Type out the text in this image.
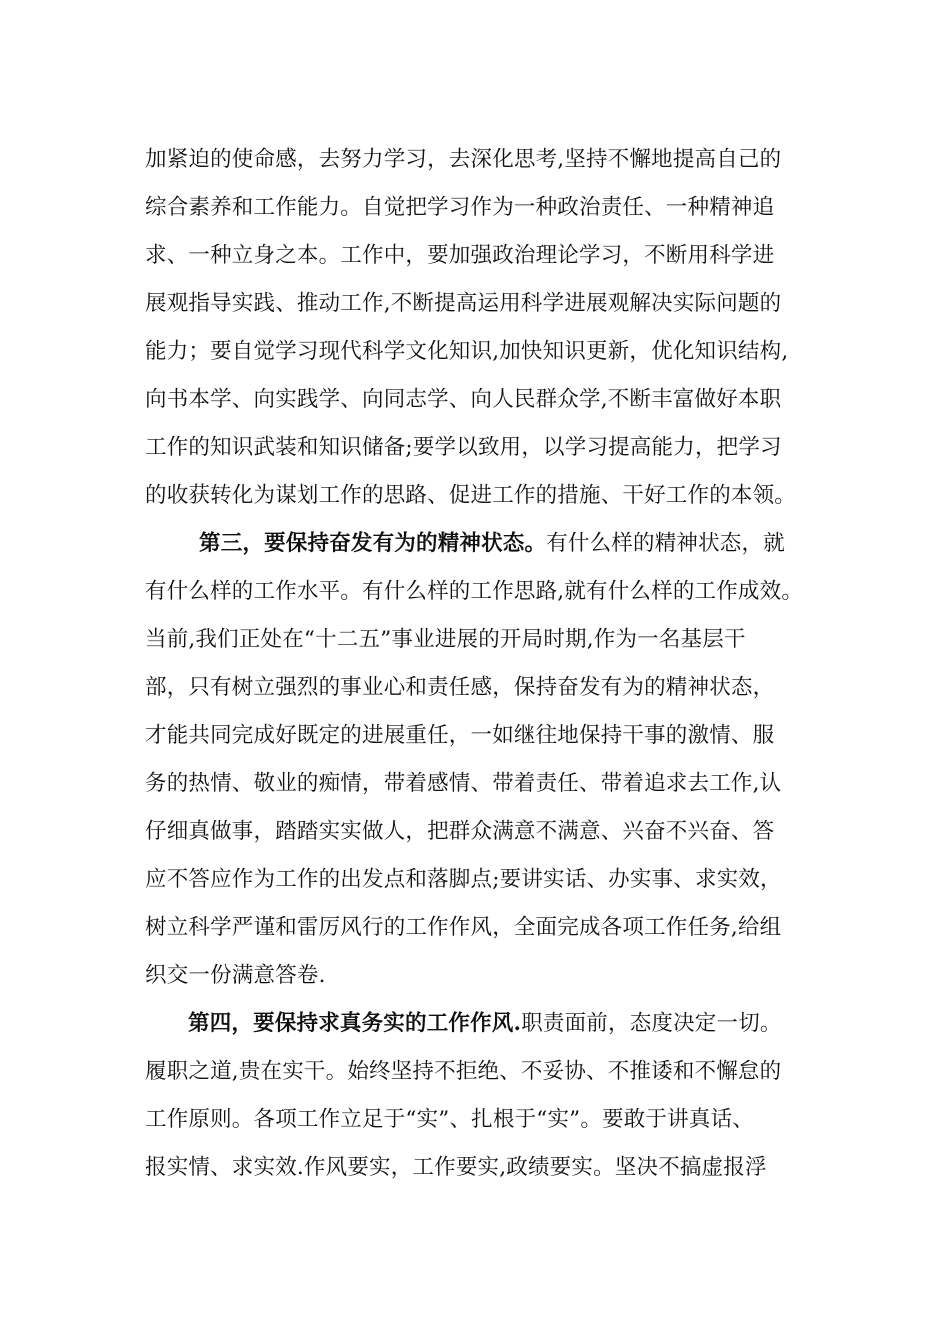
加紧迫的使命感，去努力学习，去深化思考,坚持不懈地提高自己的
综合素养和工作能力。自觉把学习作为一种政治责任、一种精神追
求、一种立身之本。工作中，要加强政治理论学习，不断用科学进
展观指导实践、推动工作,不断提高运用科学进展观解决实际问题的
能力；要自觉学习现代科学文化知识,加快知识更新，优化知识结构,
向书本学、向实践学、向同志学、向人民群众学,不断丰富做好本职
工作的知识武装和知识储备;要学以致用，以学习提高能力，把学习
的收获转化为谋划工作的思路、促进工作的措施、干好工作的本领。
第三，要保持奋发有为的精神状态。有什么样的精神状态，就
有什么样的工作水平。有什么样的工作思路,就有什么样的工作成效。
当前,我们正处在“十二五”事业进展的开局时期,作为一名基层干
部，只有树立强烈的事业心和责任感，保持奋发有为的精神状态，
才能共同完成好既定的进展重任，一如继往地保持干事的激情、服
务的热情、敬业的痴情，带着感情、带着责任、带着追求去工作,认
仔细真做事，踏踏实实做人，把群众满意不满意、兴奋不兴奋、答
应不答应作为工作的出发点和落脚点;要讲实话、办实事、求实效，
树立科学严谨和雷厉风行的工作作风，全面完成各项工作任务,给组
织交一份满意答卷.
第四，要保持求真务实的工作作风.职责面前，态度决定一切。
履职之道,贵在实干。始终坚持不拒绝、不妥协、不推诿和不懈怠的
工作原则。各项工作立足于“实”、扎根于“实”。要敢于讲真话、
报实情、求实效.作风要实，工作要实,政绩要实。坚决不搞虚报浮
